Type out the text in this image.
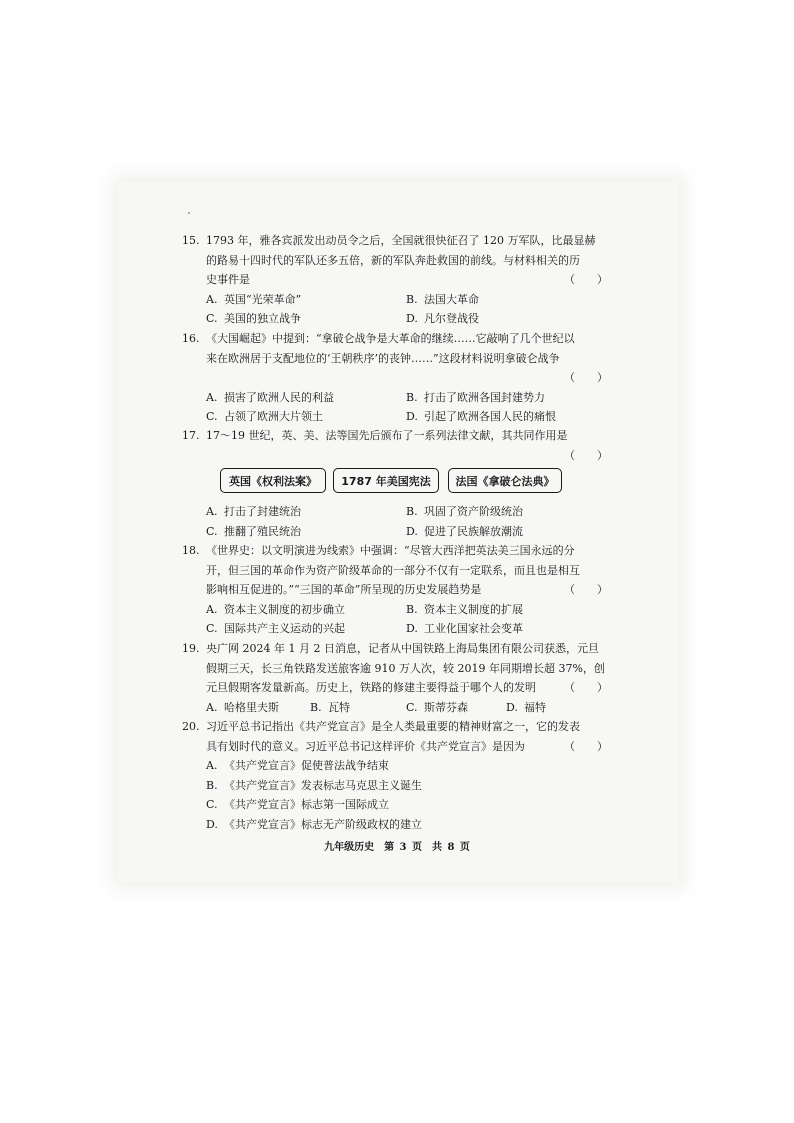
15. 1793 年，雅各宾派发出动员令之后，全国就很快征召了 120 万军队，比最显赫
的路易十四时代的军队还多五倍，新的军队奔赴救国的前线。与材料相关的历
史事件是	（　　）
A. 英国“光荣革命”	B. 法国大革命
C. 美国的独立战争	D. 凡尔登战役
16. 《大国崛起》中提到：“拿破仑战争是大革命的继续……它敲响了几个世纪以
来在欧洲居于支配地位的‘王朝秩序’的丧钟……”这段材料说明拿破仑战争
（　　）
A. 损害了欧洲人民的利益	B. 打击了欧洲各国封建势力
C. 占领了欧洲大片领土	D. 引起了欧洲各国人民的痛恨
17. 17～19 世纪，英、美、法等国先后颁布了一系列法律文献，其共同作用是
（　　）
英国《权利法案》	1787 年美国宪法	法国《拿破仑法典》
A. 打击了封建统治	B. 巩固了资产阶级统治
C. 推翻了殖民统治	D. 促进了民族解放潮流
18. 《世界史：以文明演进为线索》中强调：“尽管大西洋把英法美三国永远的分
开，但三国的革命作为资产阶级革命的一部分不仅有一定联系，而且也是相互
影响相互促进的。”“三国的革命”所呈现的历史发展趋势是	（　　）
A. 资本主义制度的初步确立	B. 资本主义制度的扩展
C. 国际共产主义运动的兴起	D. 工业化国家社会变革
19. 央广网 2024 年 1 月 2 日消息，记者从中国铁路上海局集团有限公司获悉，元旦
假期三天，长三角铁路发送旅客逾 910 万人次，较 2019 年同期增长超 37%，创
元旦假期客发量新高。历史上，铁路的修建主要得益于哪个人的发明	（　　）
A. 哈格里夫斯	B. 瓦特	C. 斯蒂芬森	D. 福特
20. 习近平总书记指出《共产党宣言》是全人类最重要的精神财富之一，它的发表
具有划时代的意义。习近平总书记这样评价《共产党宣言》是因为	（　　）
A. 《共产党宣言》促使普法战争结束
B. 《共产党宣言》发表标志马克思主义诞生
C. 《共产党宣言》标志第一国际成立
D. 《共产党宣言》标志无产阶级政权的建立
九年级历史　第 3 页　共 8 页
